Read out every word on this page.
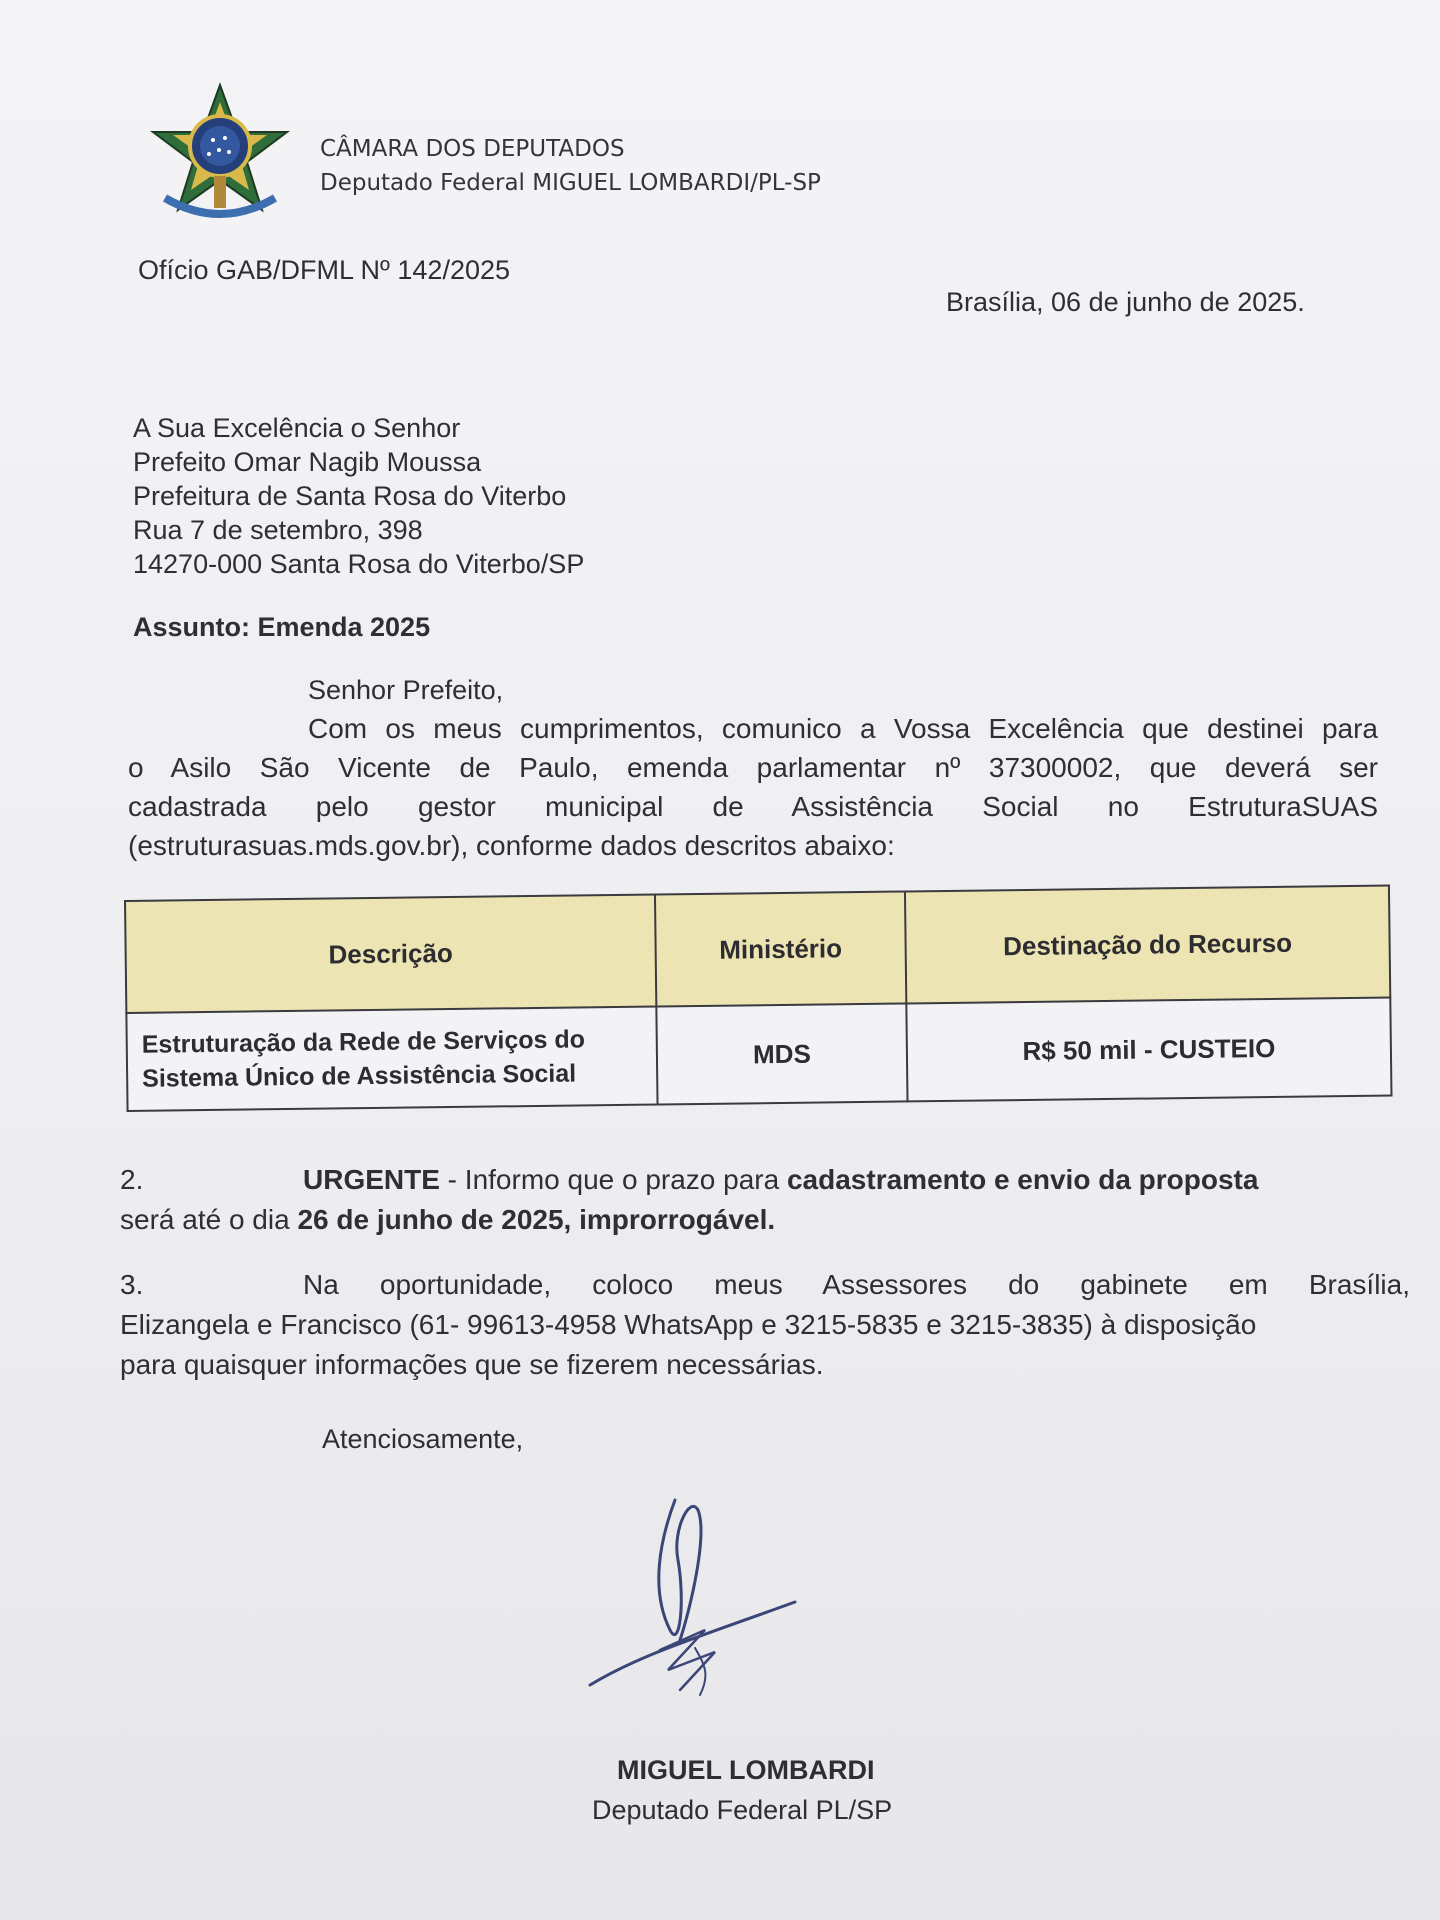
CÂMARA DOS DEPUTADOS
Deputado Federal MIGUEL LOMBARDI/PL-SP
Ofício GAB/DFML Nº 142/2025
Brasília, 06 de junho de 2025.
A Sua Excelência o Senhor
Prefeito Omar Nagib Moussa
Prefeitura de Santa Rosa do Viterbo
Rua 7 de setembro, 398
14270-000 Santa Rosa do Viterbo/SP
Assunto: Emenda 2025
Senhor Prefeito,
Com os meus cumprimentos, comunico a Vossa Excelência que destinei para
o Asilo São Vicente de Paulo, emenda parlamentar nº 37300002, que deverá ser
cadastrada pelo gestor municipal de Assistência Social no EstruturaSUAS
(estruturasuas.mds.gov.br), conforme dados descritos abaixo:
Descrição	Ministério	Destinação do Recurso

Estruturação da Rede de Serviços do
Sistema Único de Assistência Social	MDS	R$ 50 mil - CUSTEIO
2.	URGENTE - Informo que o prazo para cadastramento e envio da proposta
será até o dia 26 de junho de 2025, improrrogável.
3.	Na oportunidade, coloco meus Assessores do gabinete em Brasília,
Elizangela e Francisco (61- 99613-4958 WhatsApp e 3215-5835 e 3215-3835) à disposição
para quaisquer informações que se fizerem necessárias.
Atenciosamente,
MIGUEL LOMBARDI
Deputado Federal PL/SP
